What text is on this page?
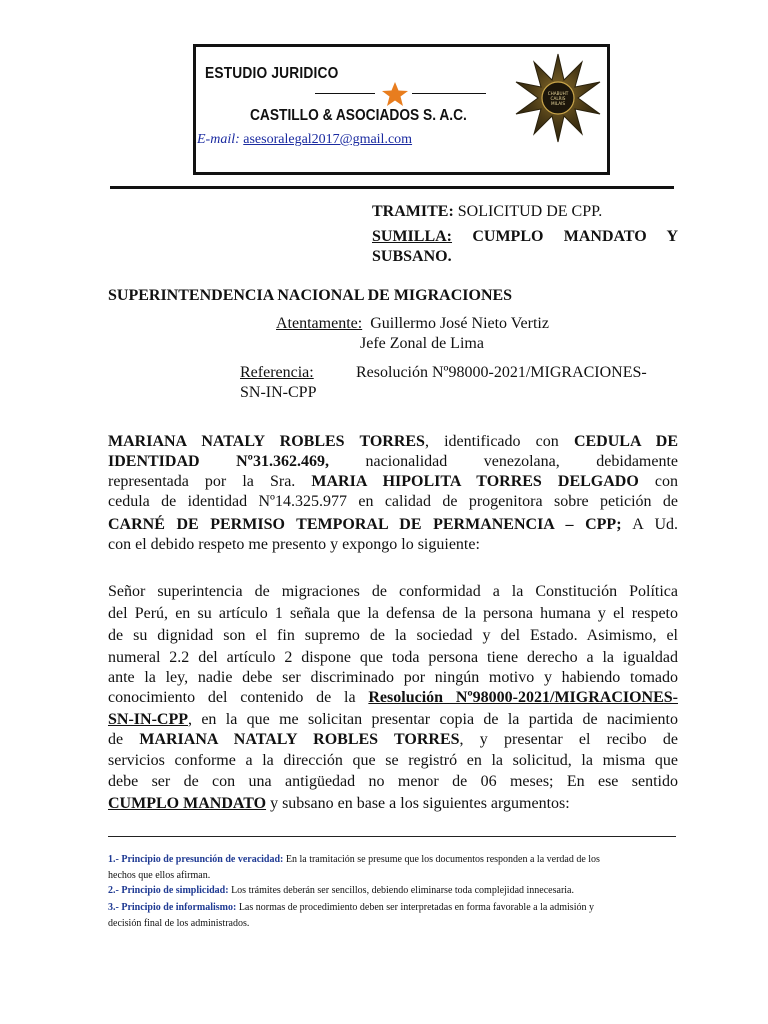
ESTUDIO JURIDICO
CASTILLO & ASOCIADOS S. A.C.
E-mail: asesoralegal2017@gmail.com
CHABUHT
CALRIS
MILAIS
TRAMITE: SOLICITUD DE CPP.
SUMILLA: CUMPLO MANDATO Y
SUBSANO.
SUPERINTENDENCIA NACIONAL DE MIGRACIONES
Atentamente: Guillermo José Nieto Vertiz
Jefe Zonal de Lima
Referencia:	Resolución Nº98000-2021/MIGRACIONES-
SN-IN-CPP
MARIANA NATALY ROBLES TORRES, identificado con CEDULA DE
IDENTIDAD Nº31.362.469, nacionalidad venezolana, debidamente
representada por la Sra. MARIA HIPOLITA TORRES DELGADO con
cedula de identidad Nº14.325.977 en calidad de progenitora sobre petición de
CARNÉ DE PERMISO TEMPORAL DE PERMANENCIA – CPP; A Ud.
con el debido respeto me presento y expongo lo siguiente:
Señor superintencia de migraciones de conformidad a la Constitución Política
del Perú, en su artículo 1 señala que la defensa de la persona humana y el respeto
de su dignidad son el fin supremo de la sociedad y del Estado. Asimismo, el
numeral 2.2 del artículo 2 dispone que toda persona tiene derecho a la igualdad
ante la ley, nadie debe ser discriminado por ningún motivo y habiendo tomado
conocimiento del contenido de la Resolución Nº98000-2021/MIGRACIONES-
SN-IN-CPP, en la que me solicitan presentar copia de la partida de nacimiento
de MARIANA NATALY ROBLES TORRES, y presentar el recibo de
servicios conforme a la dirección que se registró en la solicitud, la misma que
debe ser de con una antigüedad no menor de 06 meses; En ese sentido
CUMPLO MANDATO y subsano en base a los siguientes argumentos:
1.- Principio de presunción de veracidad: En la tramitación se presume que los documentos responden a la verdad de los
hechos que ellos afirman.
2.- Principio de simplicidad: Los trámites deberán ser sencillos, debiendo eliminarse toda complejidad innecesaria.
3.- Principio de informalismo: Las normas de procedimiento deben ser interpretadas en forma favorable a la admisión y
decisión final de los administrados.
